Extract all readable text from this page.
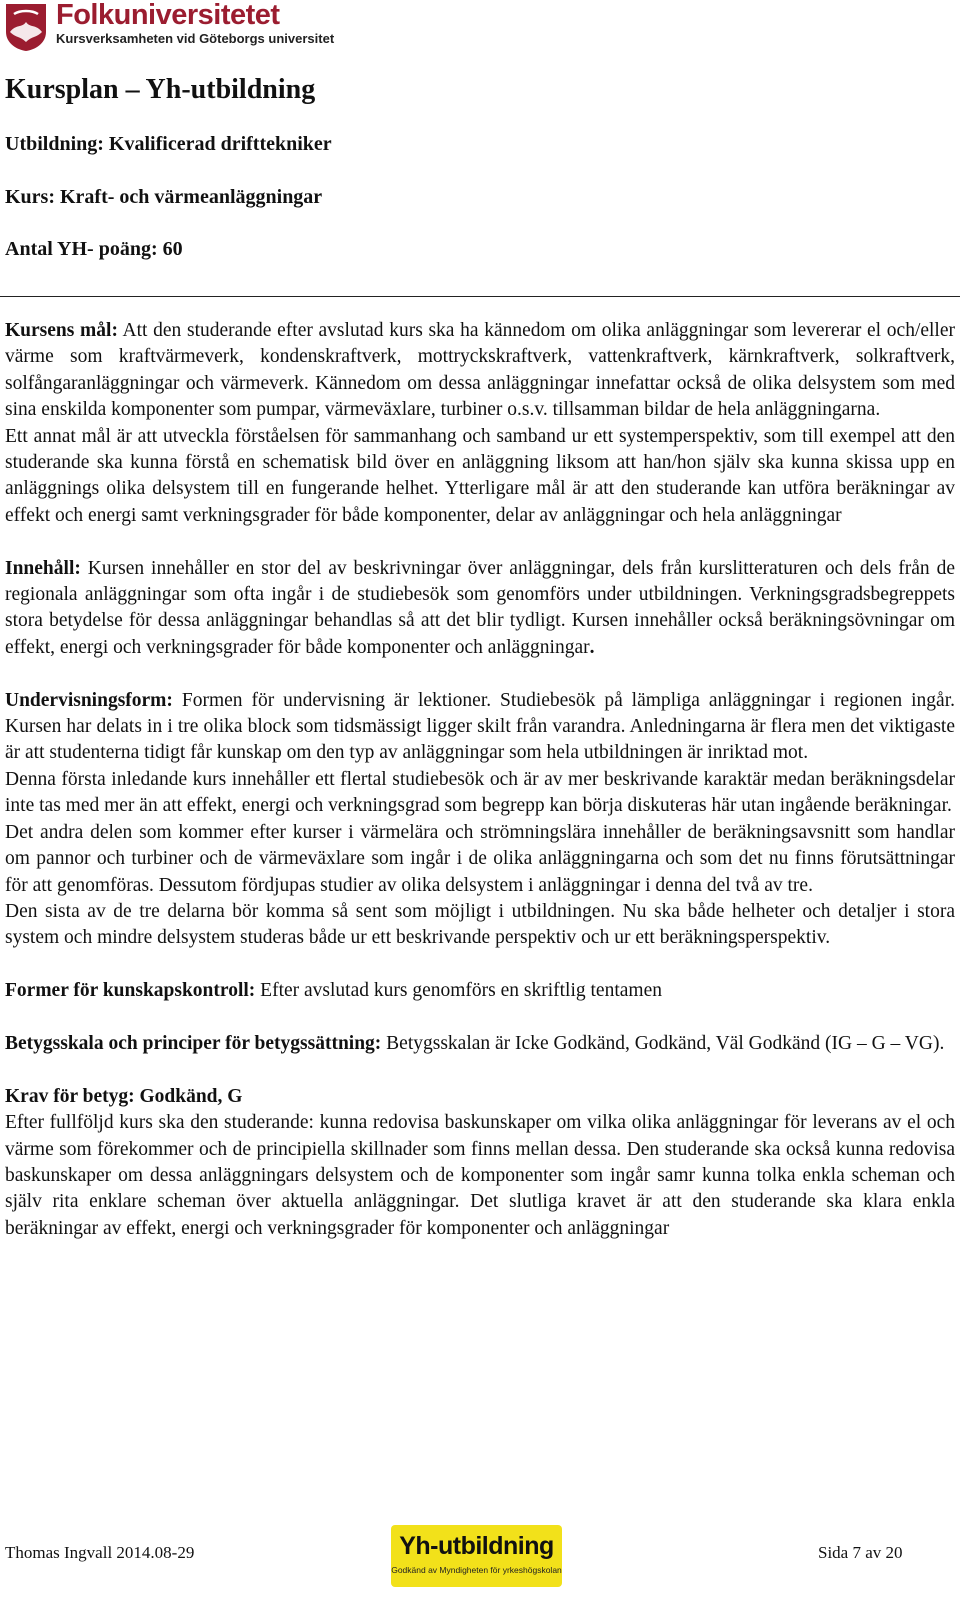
Folkuniversitetet
Kursverksamheten vid Göteborgs universitet
Kursplan – Yh-utbildning
Utbildning: Kvalificerad drifttekniker
Kurs: Kraft- och värmeanläggningar
Antal YH- poäng: 60

Kursens mål: Att den studerande efter avslutad kurs ska ha kännedom om olika anläggningar som levererar el och/eller värme som kraftvärmeverk, kondenskraftverk, mottryckskraftverk, vattenkraftverk, kärnkraftverk, solkraftverk, solfångaranläggningar och värmeverk. Kännedom om dessa anläggningar innefattar också de olika delsystem som med sina enskilda komponenter som pumpar, värmeväxlare, turbiner o.s.v. tillsamman bildar de hela anläggningarna.

Ett annat mål är att utveckla förståelsen för sammanhang och samband ur ett systemperspektiv, som till exempel att den studerande ska kunna förstå en schematisk bild över en anläggning liksom att han/hon själv ska kunna skissa upp en anläggnings olika delsystem till en fungerande helhet. Ytterligare mål är att den studerande kan utföra beräkningar av effekt och energi samt verkningsgrader för både komponenter, delar av anläggningar och hela anläggningar

Innehåll: Kursen innehåller en stor del av beskrivningar över anläggningar, dels från kurslitteraturen och dels från de regionala anläggningar som ofta ingår i de studiebesök som genomförs under utbildningen. Verkningsgradsbegreppets stora betydelse för dessa anläggningar behandlas så att det blir tydligt. Kursen innehåller också beräkningsövningar om effekt, energi och verkningsgrader för både komponenter och anläggningar.

Undervisningsform: Formen för undervisning är lektioner. Studiebesök på lämpliga anläggningar i regionen ingår. Kursen har delats in i tre olika block som tidsmässigt ligger skilt från varandra. Anledningarna är flera men det viktigaste är att studenterna tidigt får kunskap om den typ av anläggningar som hela utbildningen är inriktad mot.

Denna första inledande kurs innehåller ett flertal studiebesök och är av mer beskrivande karaktär medan beräkningsdelar inte tas med mer än att effekt, energi och verkningsgrad som begrepp kan börja diskuteras här utan ingående beräkningar.

Det andra delen som kommer efter kurser i värmelära och strömningslära innehåller de beräkningsavsnitt som handlar om pannor och turbiner och de värmeväxlare som ingår i de olika anläggningarna och som det nu finns förutsättningar för att genomföras. Dessutom fördjupas studier av olika delsystem i anläggningar i denna del två av tre.

Den sista av de tre delarna bör komma så sent som möjligt i utbildningen. Nu ska både helheter och detaljer i stora system och mindre delsystem studeras både ur ett beskrivande perspektiv och ur ett beräkningsperspektiv.

Former för kunskapskontroll: Efter avslutad kurs genomförs en skriftlig tentamen

Betygsskala och principer för betygssättning: Betygsskalan är Icke Godkänd, Godkänd, Väl Godkänd (IG – G – VG).

Krav för betyg: Godkänd, G

Efter fullföljd kurs ska den studerande: kunna redovisa baskunskaper om vilka olika anläggningar för leverans av el och värme som förekommer och de principiella skillnader som finns mellan dessa. Den studerande ska också kunna redovisa baskunskaper om dessa anläggningars delsystem och de komponenter som ingår samr kunna tolka enkla scheman och själv rita enklare scheman över aktuella anläggningar. Det slutliga kravet är att den studerande ska klara enkla beräkningar av effekt, energi och verkningsgrader för komponenter och anläggningar

Thomas Ingvall 2014.08-29	Yh-utbildning
Godkänd av Myndigheten för yrkeshögskolan
Sida 7 av 20
